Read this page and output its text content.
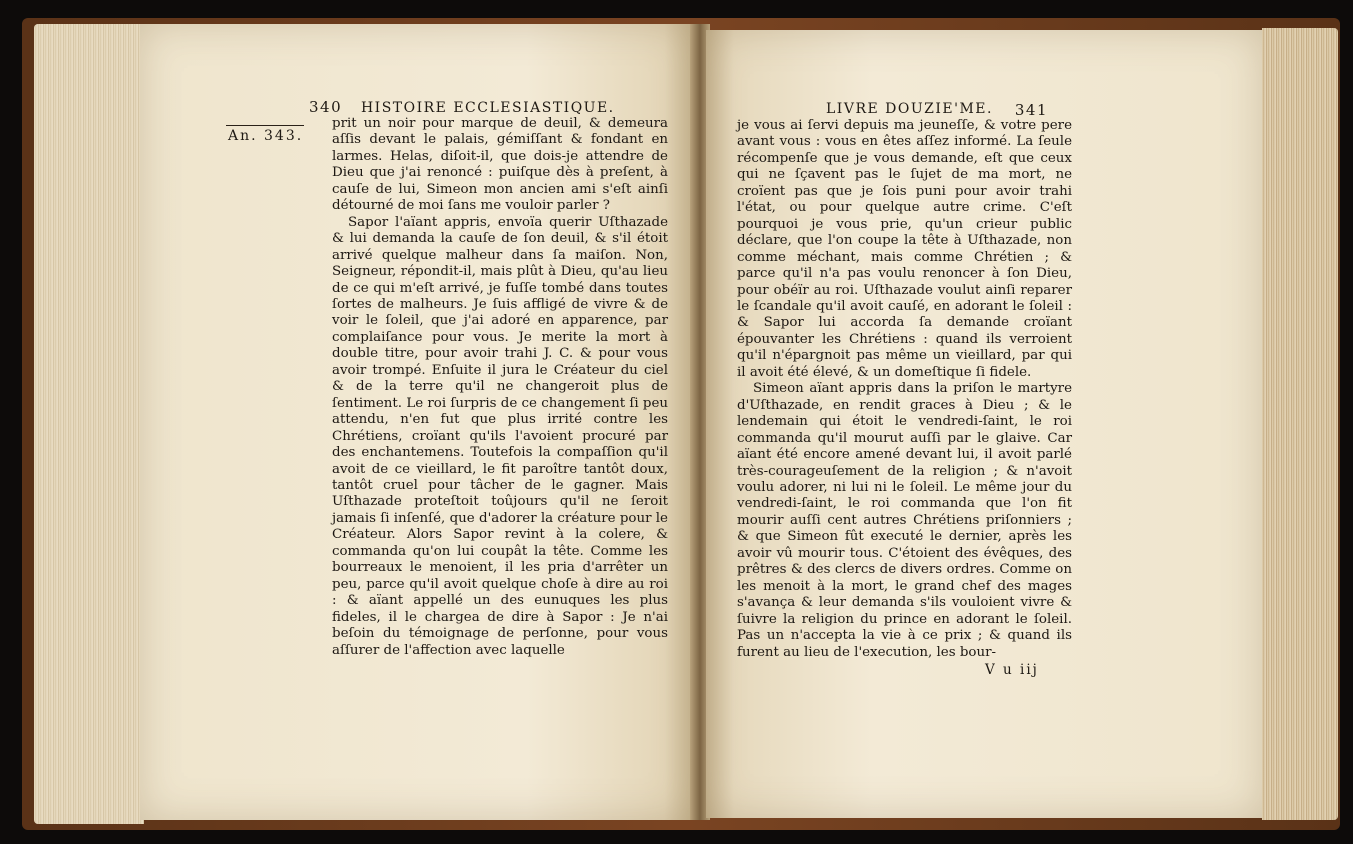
340 HISTOIRE ECCLESIASTIQUE.
An. 343.

prit un noir pour marque de deuil, & demeura aſſis devant le palais, gémiſſant & fondant en larmes. Helas, diſoit-il, que dois-je attendre de Dieu que j'ai renoncé : puiſque dès à preſent, à cauſe de lui, Simeon mon ancien ami s'eſt ainſi détourné de moi ſans me vouloir parler ?

Sapor l'aïant appris, envoïa querir Uſthazade & lui demanda la cauſe de ſon deuil, & s'il étoit arrivé quelque malheur dans ſa maiſon. Non, Seigneur, répondit-il, mais plût à Dieu, qu'au lieu de ce qui m'eſt arrivé, je fuſſe tombé dans toutes ſortes de malheurs. Je ſuis affligé de vivre & de voir le ſoleil, que j'ai adoré en apparence, par complaiſance pour vous. Je merite la mort à double titre, pour avoir trahi J. C. & pour vous avoir trompé. Enſuite il jura le Créateur du ciel & de la terre qu'il ne changeroit plus de ſentiment. Le roi ſurpris de ce changement ſi peu attendu, n'en fut que plus irrité contre les Chrétiens, croïant qu'ils l'avoient procuré par des enchantemens. Toutefois la compaſſion qu'il avoit de ce vieillard, le fit paroître tantôt doux, tantôt cruel pour tâcher de le gagner. Mais Uſthazade proteſtoit toûjours qu'il ne ſeroit jamais ſi inſenſé, que d'adorer la créature pour le Créateur. Alors Sapor revint à la colere, & commanda qu'on lui coupât la tête. Comme les bourreaux le menoient, il les pria d'arrêter un peu, parce qu'il avoit quelque choſe à dire au roi : & aïant appellé un des eunuques les plus fideles, il le chargea de dire à Sapor : Je n'ai beſoin du témoignage de perſonne, pour vous aſſurer de l'affection avec laquelle

LIVRE DOUZIE'ME. 341

je vous ai ſervi depuis ma jeuneſſe, & votre pere avant vous : vous en êtes aſſez informé. La ſeule récompenſe que je vous demande, eſt que ceux qui ne ſçavent pas le ſujet de ma mort, ne croïent pas que je ſois puni pour avoir trahi l'état, ou pour quelque autre crime. C'eſt pourquoi je vous prie, qu'un crieur public déclare, que l'on coupe la tête à Uſthazade, non comme méchant, mais comme Chrétien ; & parce qu'il n'a pas voulu renoncer à ſon Dieu, pour obéïr au roi. Uſthazade voulut ainſi reparer le ſcandale qu'il avoit cauſé, en adorant le ſoleil : & Sapor lui accorda ſa demande croïant épouvanter les Chrétiens : quand ils verroient qu'il n'épargnoit pas même un vieillard, par qui il avoit été élevé, & un domeſtique ſi fidele.

Simeon aïant appris dans la priſon le martyre d'Uſthazade, en rendit graces à Dieu ; & le lendemain qui étoit le vendredi-ſaint, le roi commanda qu'il mourut auſſi par le glaive. Car aïant été encore amené devant lui, il avoit parlé très-courageuſement de la religion ; & n'avoit voulu adorer, ni lui ni le ſoleil. Le même jour du vendredi-ſaint, le roi commanda que l'on fit mourir auſſi cent autres Chrétiens priſonniers ; & que Simeon fût executé le dernier, après les avoir vû mourir tous. C'étoient des évêques, des prêtres & des clercs de divers ordres. Comme on les menoit à la mort, le grand chef des mages s'avança & leur demanda s'ils vouloient vivre & ſuivre la religion du prince en adorant le ſoleil. Pas un n'accepta la vie à ce prix ; & quand ils furent au lieu de l'execution, les bour-

V u iij
